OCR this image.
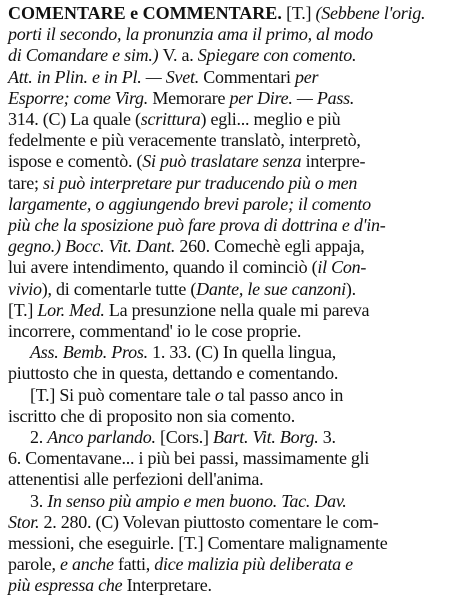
COMENTARE e COMMENTARE. [T.] (Sebbene l'orig.
porti il secondo, la pronunzia ama il primo, al modo
di Comandare e sim.) V. a. Spiegare con comento.
Att. in Plin. e in Pl. — Svet. Commentari per
Esporre; come Virg. Memorare per Dire. — Pass.
314. (C) La quale (scrittura) egli... meglio e più
fedelmente e più veracemente translatò, interpretò,
ispose e comentò. (Si può traslatare senza interpre-
tare; si può interpretare pur traducendo più o men
largamente, o aggiungendo brevi parole; il comento
più che la sposizione può fare prova di dottrina e d'in-
gegno.) Bocc. Vit. Dant. 260. Comechè egli appaja,
lui avere intendimento, quando il cominciò (il Con-
vivio), di comentarle tutte (Dante, le sue canzoni).
[T.] Lor. Med. La presunzione nella quale mi pareva
incorrere, commentand' io le cose proprie.
Ass. Bemb. Pros. 1. 33. (C) In quella lingua,
piuttosto che in questa, dettando e comentando.
[T.] Si può comentare tale o tal passo anco in
iscritto che di proposito non sia comento.
2. Anco parlando. [Cors.] Bart. Vit. Borg. 3.
6. Comentavane... i più bei passi, massimamente gli
attenentisi alle perfezioni dell'anima.
3. In senso più ampio e men buono. Tac. Dav.
Stor. 2. 280. (C) Volevan piuttosto comentare le com-
messioni, che eseguirle. [T.] Comentare malignamente
parole, e anche fatti, dice malizia più deliberata e
più espressa che Interpretare.
